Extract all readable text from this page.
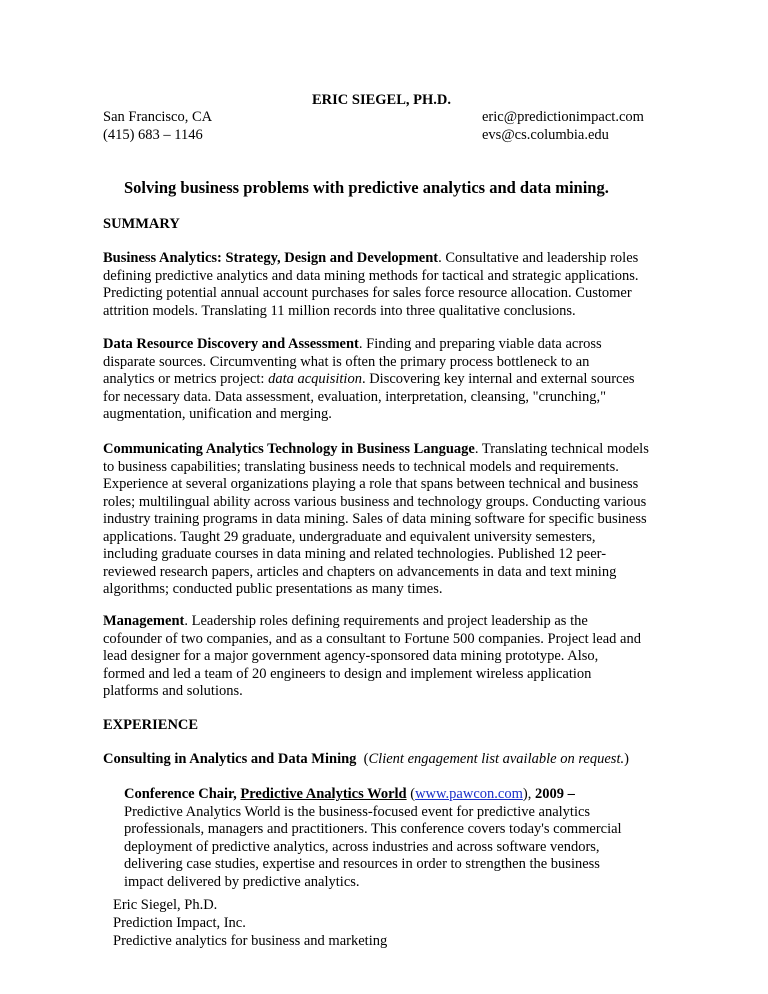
ERIC SIEGEL, PH.D.
San Francisco, CA
(415) 683 – 1146
eric@predictionimpact.com
evs@cs.columbia.edu
Solving business problems with predictive analytics and data mining.
SUMMARY
Business Analytics: Strategy, Design and Development. Consultative and leadership roles
defining predictive analytics and data mining methods for tactical and strategic applications.
Predicting potential annual account purchases for sales force resource allocation. Customer
attrition models. Translating 11 million records into three qualitative conclusions.
Data Resource Discovery and Assessment. Finding and preparing viable data across
disparate sources. Circumventing what is often the primary process bottleneck to an
analytics or metrics project: data acquisition. Discovering key internal and external sources
for necessary data. Data assessment, evaluation, interpretation, cleansing, "crunching,"
augmentation, unification and merging.
Communicating Analytics Technology in Business Language. Translating technical models
to business capabilities; translating business needs to technical models and requirements.
Experience at several organizations playing a role that spans between technical and business
roles; multilingual ability across various business and technology groups. Conducting various
industry training programs in data mining. Sales of data mining software for specific business
applications. Taught 29 graduate, undergraduate and equivalent university semesters,
including graduate courses in data mining and related technologies. Published 12 peer-
reviewed research papers, articles and chapters on advancements in data and text mining
algorithms; conducted public presentations as many times.
Management. Leadership roles defining requirements and project leadership as the
cofounder of two companies, and as a consultant to Fortune 500 companies. Project lead and
lead designer for a major government agency-sponsored data mining prototype. Also,
formed and led a team of 20 engineers to design and implement wireless application
platforms and solutions.
EXPERIENCE
Consulting in Analytics and Data Mining  (Client engagement list available on request.)
Conference Chair, Predictive Analytics World (www.pawcon.com), 2009 –
Predictive Analytics World is the business-focused event for predictive analytics
professionals, managers and practitioners. This conference covers today's commercial
deployment of predictive analytics, across industries and across software vendors,
delivering case studies, expertise and resources in order to strengthen the business
impact delivered by predictive analytics.
Eric Siegel, Ph.D.
Prediction Impact, Inc.
Predictive analytics for business and marketing
